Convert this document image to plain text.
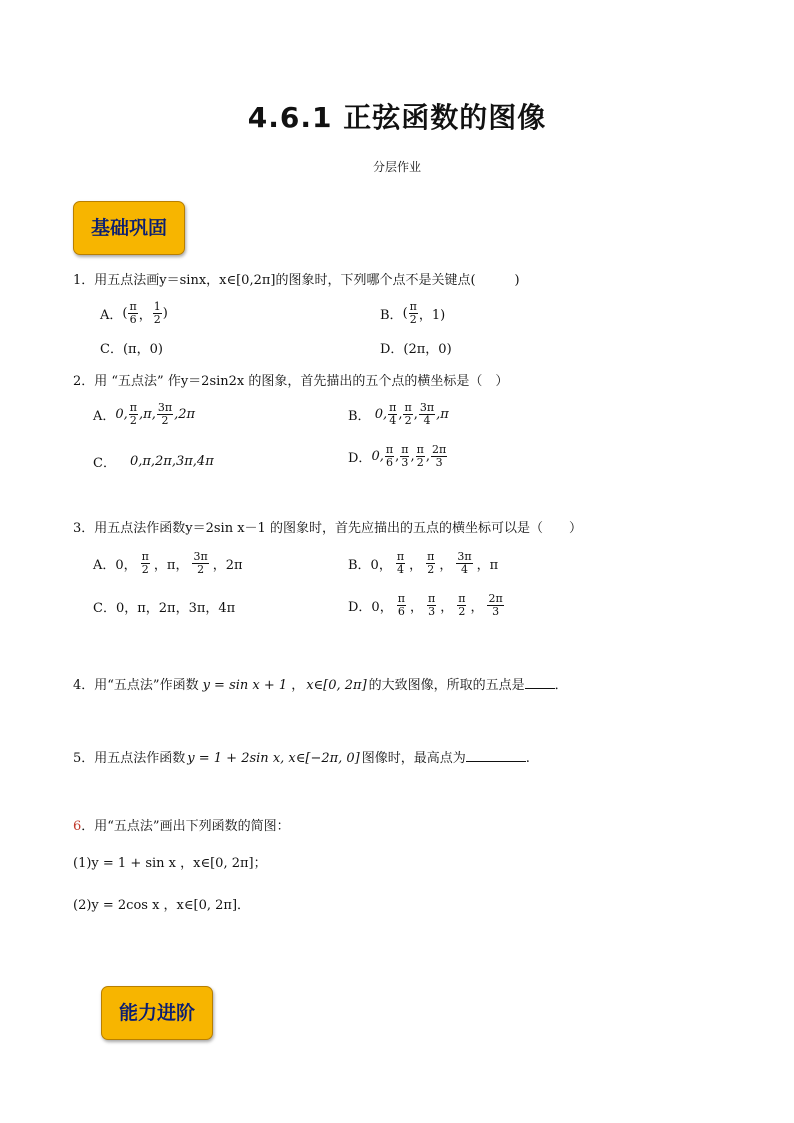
4.6.1 正弦函数的图像
分层作业
基础巩固
1．用五点法画y＝sinx，x∈[0,2π]的图象时，下列哪个点不是关键点(　　　)
A． ( $\frac{\pi}{6}$ ， $\frac{1}{2}$ )	B． ( $\frac{\pi}{2}$ ，1)
C．(π，0)	D．(2π，0)
2．用 “五点法” 作y＝2sin2x 的图象，首先描出的五个点的横坐标是（　）
A． 0, $\frac{\pi}{2} ,\pi$, $\frac{3\pi}{2} ,2\pi$	B． 0, $\frac{\pi}{4}$ , $\frac{\pi}{2}$ , $\frac{3\pi}{4} ,\pi$
C． 0,π,2π,3π,4π	D． 0, $\frac{\pi}{6}$ , $\frac{\pi}{3}$ , $\frac{\pi}{2}$ , $\frac{2\pi}{3}$
3．用五点法作函数y＝2sin x－1 的图象时，首先应描出的五点的横坐标可以是（　　）
A．0， $\frac{\pi}{2}$ ，π， $\frac{3\pi}{2}$ ，2π	B．0， $\frac{\pi}{4}$ ， $\frac{\pi}{2}$ ， $\frac{3\pi}{4}$ ，π
C．0，π，2π，3π，4π	D．0， $\frac{\pi}{6}$ ， $\frac{\pi}{3}$ ， $\frac{\pi}{2}$ ， $\frac{2\pi}{3}$
4．用“五点法”作函数 y = sin x + 1 ， x∈[0, 2π] 的大致图像，所取的五点是 ．
5．用五点法作函数 y = 1 + 2sin x, x∈[−2π, 0] 图像时，最高点为	.
6．用“五点法”画出下列函数的简图：
(1)y = 1 + sin x ，x∈[0, 2π]；
(2)y = 2cos x ，x∈[0, 2π]．
能力进阶
